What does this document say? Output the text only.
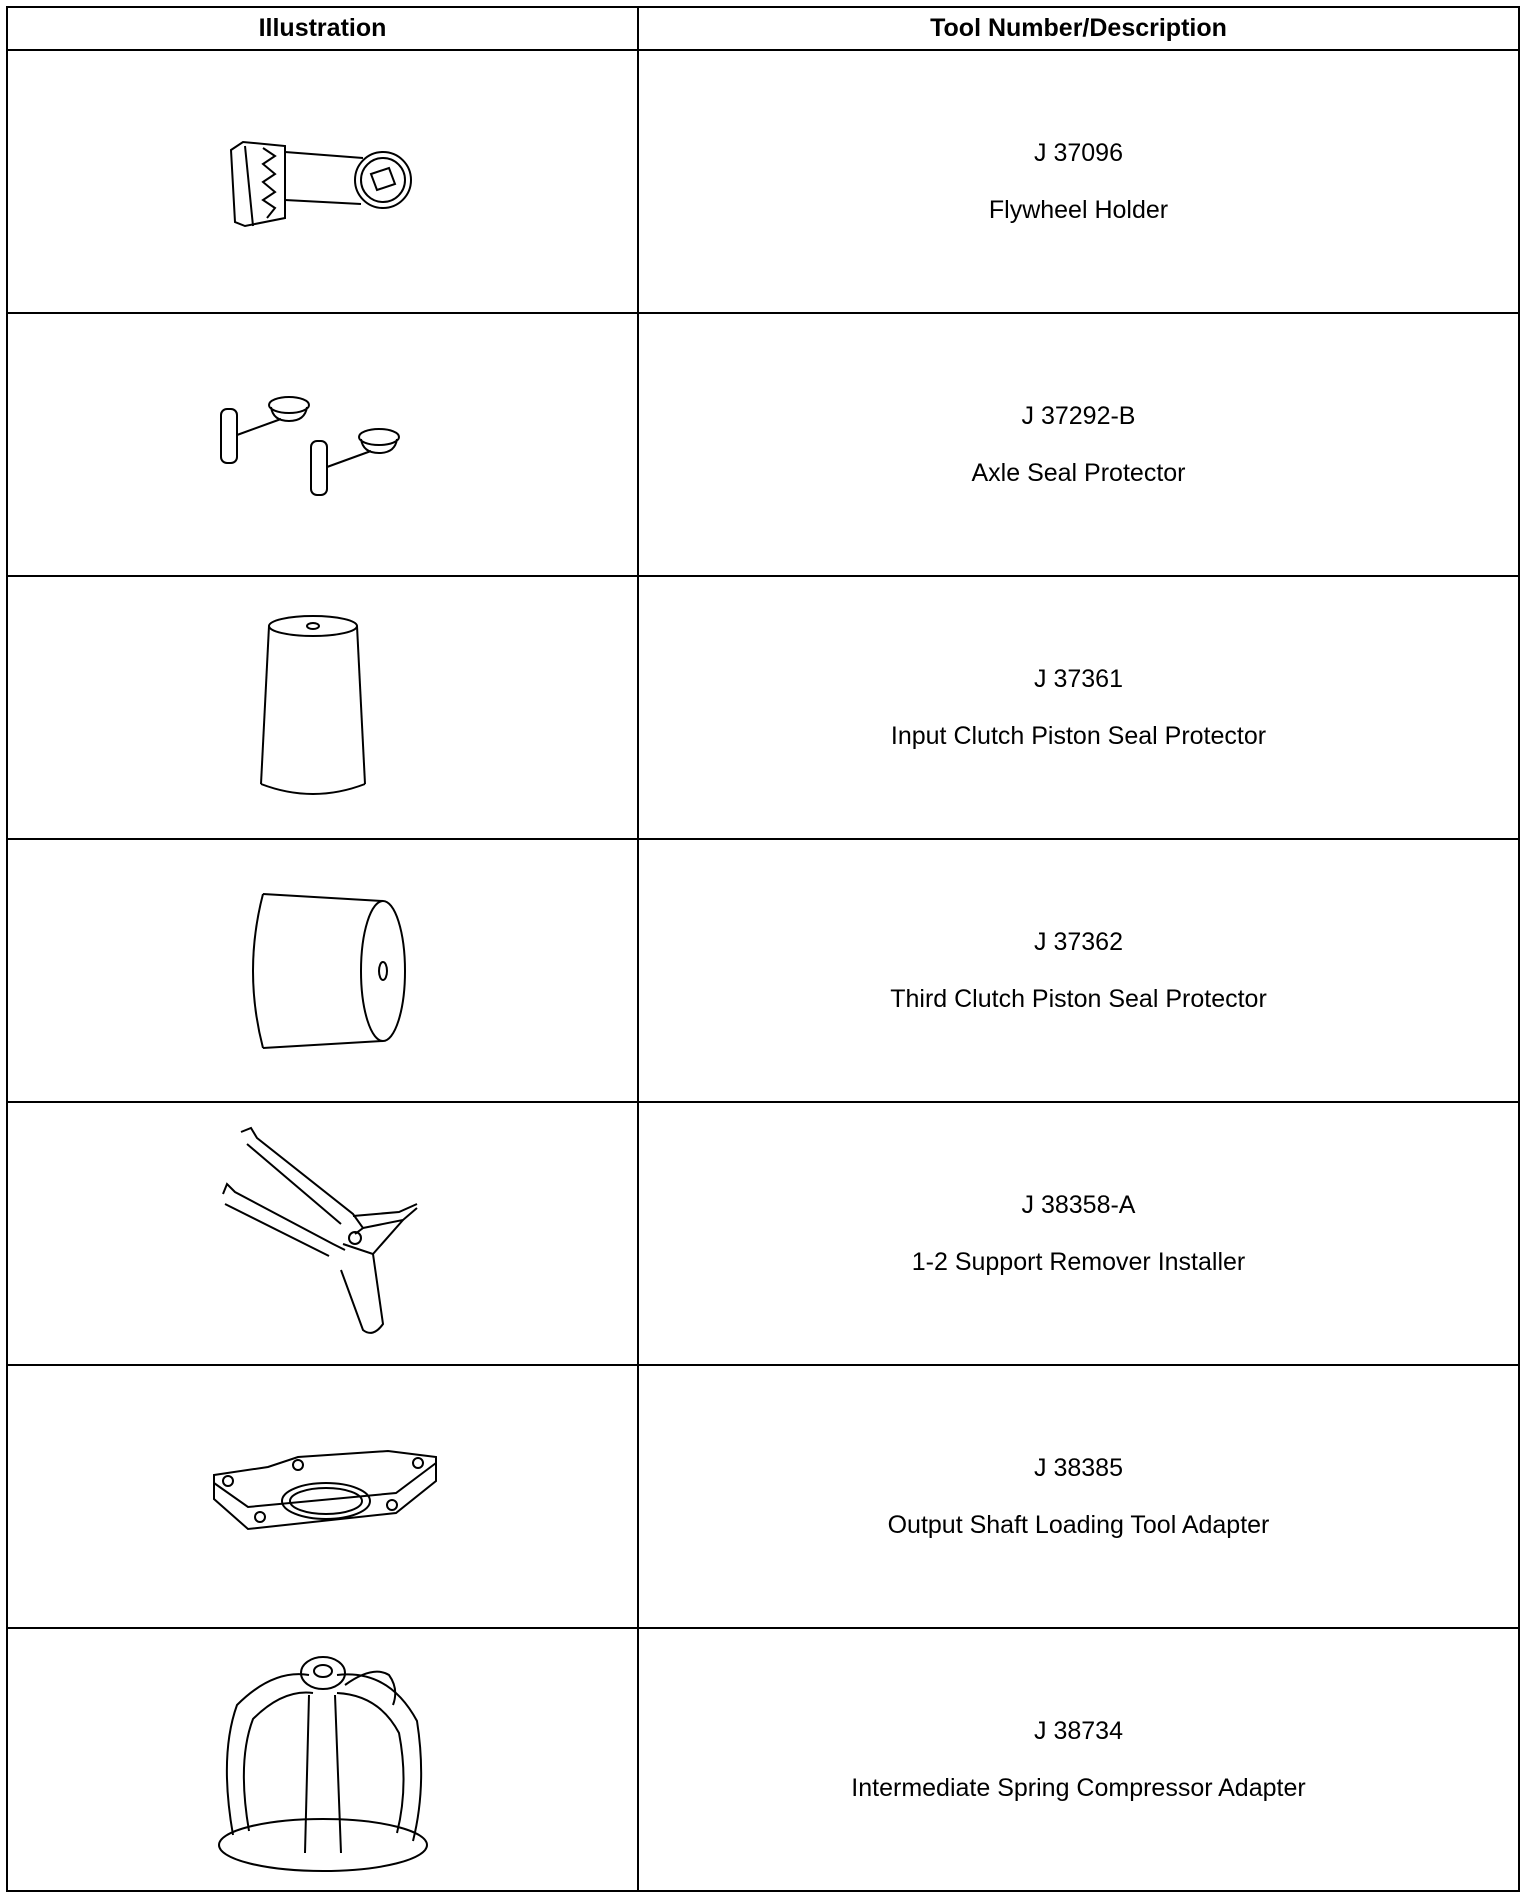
Illustration	Tool Number/Description

J 37096
Flywheel Holder

J 37292-B
Axle Seal Protector

J 37361
Input Clutch Piston Seal Protector

J 37362
Third Clutch Piston Seal Protector

J 38358-A
1-2 Support Remover Installer

J 38385
Output Shaft Loading Tool Adapter

J 38734
Intermediate Spring Compressor Adapter
